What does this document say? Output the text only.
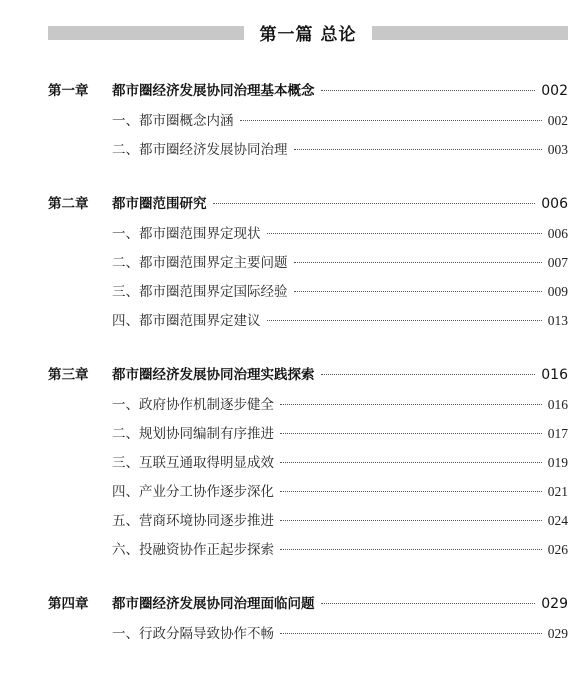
第一篇 总论
第一章	都市圈经济发展协同治理基本概念	002
一、都市圈概念内涵	002
二、都市圈经济发展协同治理	003
第二章	都市圈范围研究	006
一、都市圈范围界定现状	006
二、都市圈范围界定主要问题	007
三、都市圈范围界定国际经验	009
四、都市圈范围界定建议	013
第三章	都市圈经济发展协同治理实践探索	016
一、政府协作机制逐步健全	016
二、规划协同编制有序推进	017
三、互联互通取得明显成效	019
四、产业分工协作逐步深化	021
五、营商环境协同逐步推进	024
六、投融资协作正起步探索	026
第四章	都市圈经济发展协同治理面临问题	029
一、行政分隔导致协作不畅	029
